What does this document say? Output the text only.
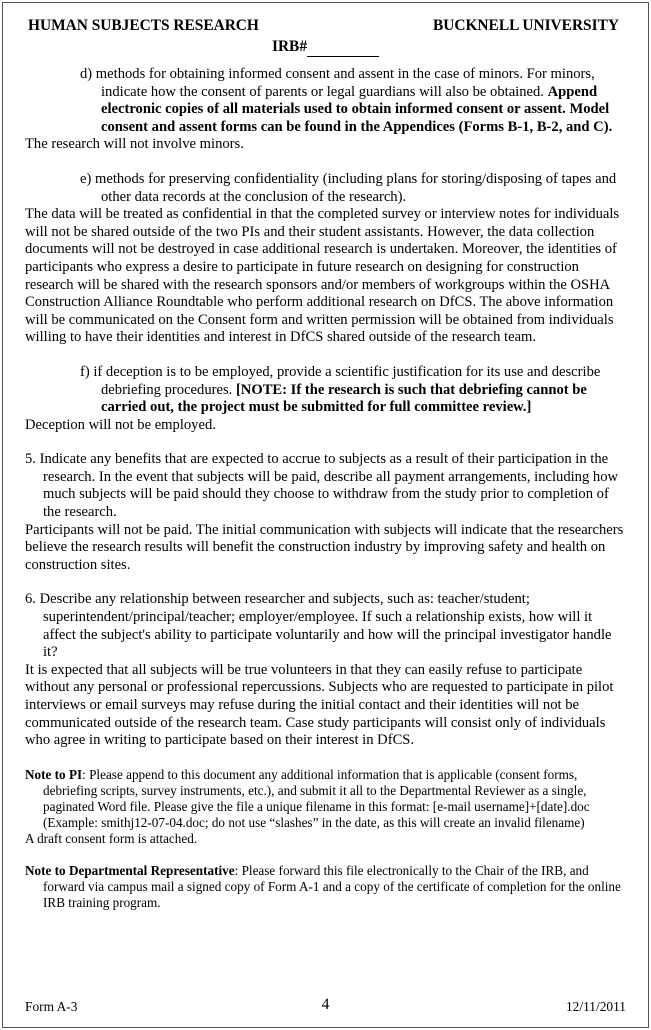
HUMAN SUBJECTS RESEARCH	BUCKNELL UNIVERSITY
IRB#
d) methods for obtaining informed consent and assent in the case of minors. For minors, indicate how the consent of parents or legal guardians will also be obtained. Append electronic copies of all materials used to obtain informed consent or assent. Model consent and assent forms can be found in the Appendices (Forms B-1, B-2, and C).

The research will not involve minors.

e) methods for preserving confidentiality (including plans for storing/disposing of tapes and other data records at the conclusion of the research).

The data will be treated as confidential in that the completed survey or interview notes for individuals will not be shared outside of the two PIs and their student assistants. However, the data collection documents will not be destroyed in case additional research is undertaken. Moreover, the identities of participants who express a desire to participate in future research on designing for construction research will be shared with the research sponsors and/or members of workgroups within the OSHA Construction Alliance Roundtable who perform additional research on DfCS. The above information will be communicated on the Consent form and written permission will be obtained from individuals willing to have their identities and interest in DfCS shared outside of the research team.

f) if deception is to be employed, provide a scientific justification for its use and describe debriefing procedures. [NOTE: If the research is such that debriefing cannot be carried out, the project must be submitted for full committee review.]

Deception will not be employed.

5. Indicate any benefits that are expected to accrue to subjects as a result of their participation in the research. In the event that subjects will be paid, describe all payment arrangements, including how much subjects will be paid should they choose to withdraw from the study prior to completion of the research.

Participants will not be paid. The initial communication with subjects will indicate that the researchers believe the research results will benefit the construction industry by improving safety and health on construction sites.

6. Describe any relationship between researcher and subjects, such as: teacher/student; superintendent/principal/teacher; employer/employee. If such a relationship exists, how will it affect the subject's ability to participate voluntarily and how will the principal investigator handle it?

It is expected that all subjects will be true volunteers in that they can easily refuse to participate without any personal or professional repercussions. Subjects who are requested to participate in pilot interviews or email surveys may refuse during the initial contact and their identities will not be communicated outside of the research team. Case study participants will consist only of individuals who agree in writing to participate based on their interest in DfCS.

Note to PI: Please append to this document any additional information that is applicable (consent forms, debriefing scripts, survey instruments, etc.), and submit it all to the Departmental Reviewer as a single, paginated Word file. Please give the file a unique filename in this format: [e-mail username]+[date].doc (Example: smithj12-07-04.doc; do not use “slashes” in the date, as this will create an invalid filename)

A draft consent form is attached.

Note to Departmental Representative: Please forward this file electronically to the Chair of the IRB, and forward via campus mail a signed copy of Form A-1 and a copy of the certificate of completion for the online IRB training program.
Form A-3	4	12/11/2011
